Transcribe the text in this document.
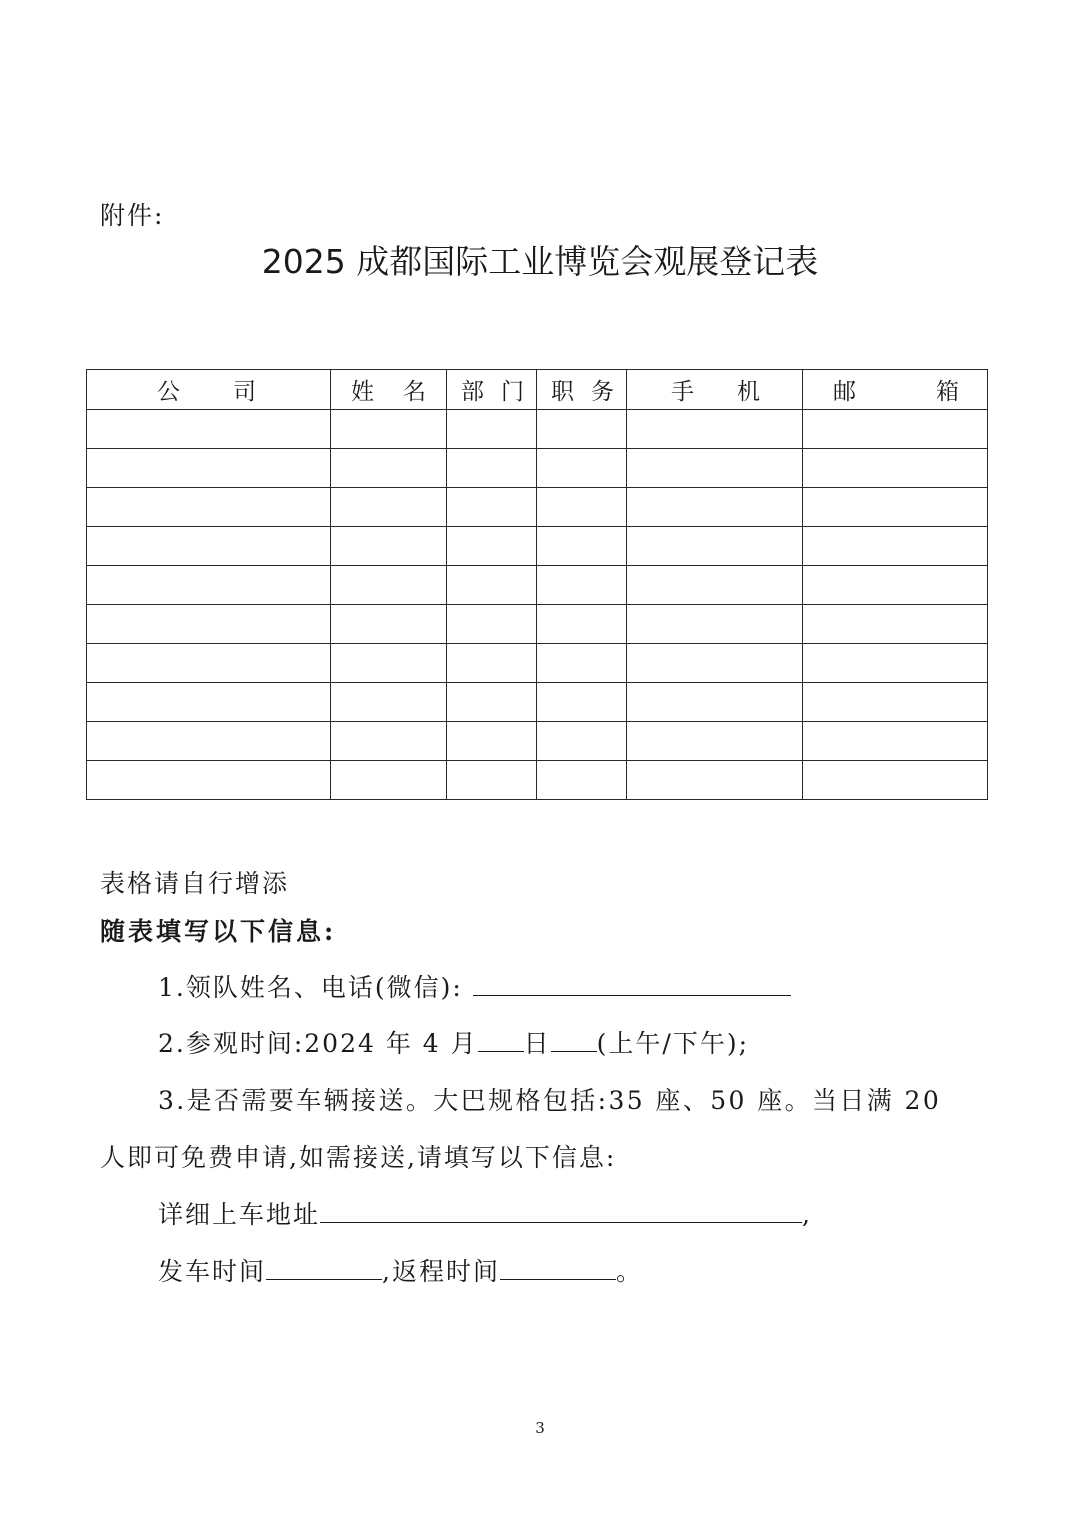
附件:
2025 成都国际工业博览会观展登记表
公 司	姓 名	部 门	职 务	手 机	邮 箱

表格请自行增添
随表填写以下信息:
1.领队姓名、电话(微信):
2.参观时间:2024 年 4 月 日 (上午/下午);
3.是否需要车辆接送。大巴规格包括:35 座、50 座。当日满 20
人即可免费申请,如需接送,请填写以下信息:
详细上车地址	,
发车时间	,返程时间	。
3
